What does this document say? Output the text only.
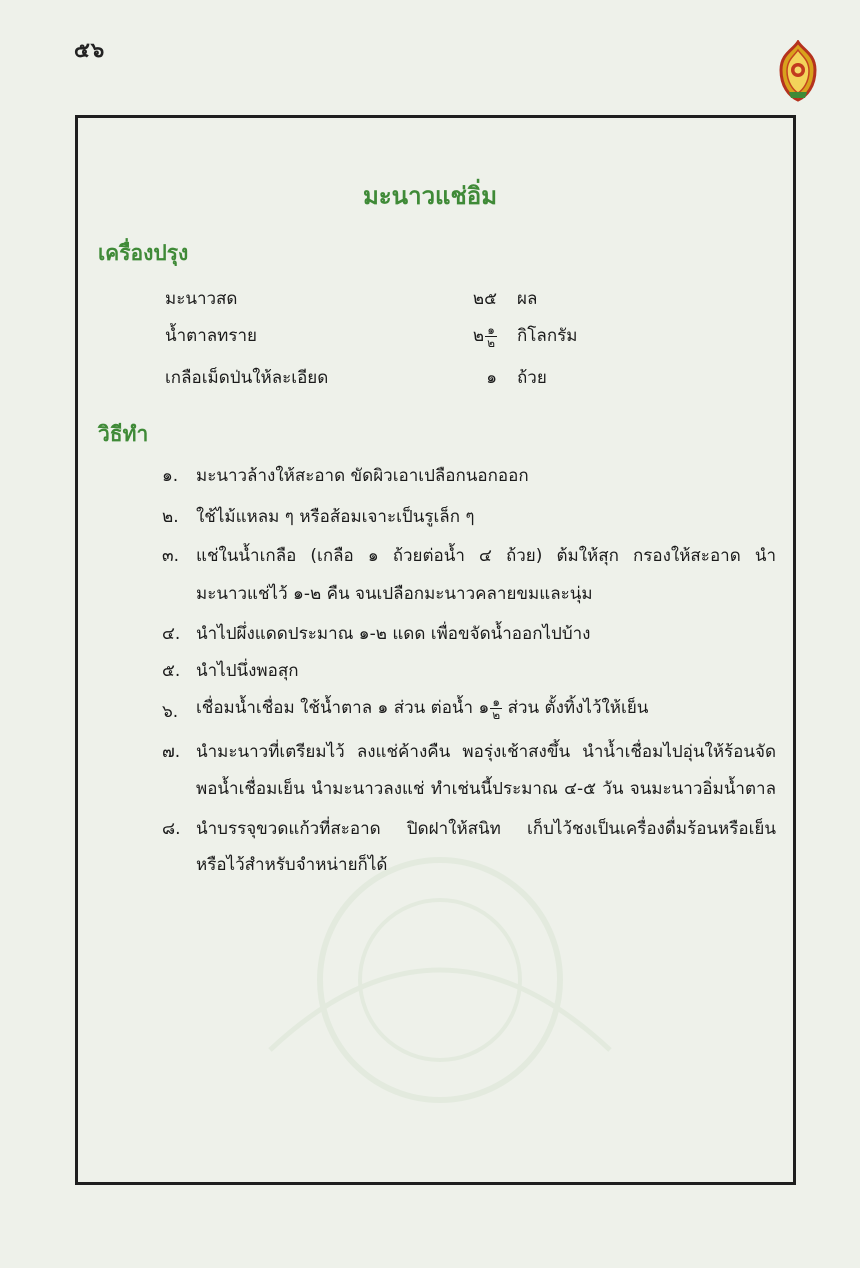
๕๖
มะนาวแช่อิ่ม
เครื่องปรุง
มะนาวสด	๒๕ ผล
น้ำตาลทราย	๒ $\frac{๑}{๒}$ กิโลกรัม
เกลือเม็ดป่นให้ละเอียด	๑ ถ้วย
วิธีทำ
๑. มะนาวล้างให้สะอาด ขัดผิวเอาเปลือกนอกออก
๒. ใช้ไม้แหลม ๆ หรือส้อมเจาะเป็นรูเล็ก ๆ
๓. แช่ในน้ำเกลือ (เกลือ ๑ ถ้วยต่อน้ำ ๔ ถ้วย) ต้มให้สุก กรองให้สะอาด นำ
มะนาวแช่ไว้ ๑-๒ คืน จนเปลือกมะนาวคลายขมและนุ่ม
๔. นำไปผึ่งแดดประมาณ ๑-๒ แดด เพื่อขจัดน้ำออกไปบ้าง
๕. นำไปนึ่งพอสุก
๖. เชื่อมน้ำเชื่อม ใช้น้ำตาล ๑ ส่วน ต่อน้ำ ๑ $\frac{๑}{๒}$ ส่วน ตั้งทิ้งไว้ให้เย็น
๗. นำมะนาวที่เตรียมไว้ ลงแช่ค้างคืน พอรุ่งเช้าสงขึ้น นำน้ำเชื่อมไปอุ่นให้ร้อนจัด
พอน้ำเชื่อมเย็น นำมะนาวลงแช่ ทำเช่นนี้ประมาณ ๔-๕ วัน จนมะนาวอิ่มน้ำตาล
๘. นำบรรจุขวดแก้วที่สะอาด ปิดฝาให้สนิท เก็บไว้ชงเป็นเครื่องดื่มร้อนหรือเย็น
หรือไว้สำหรับจำหน่ายก็ได้
